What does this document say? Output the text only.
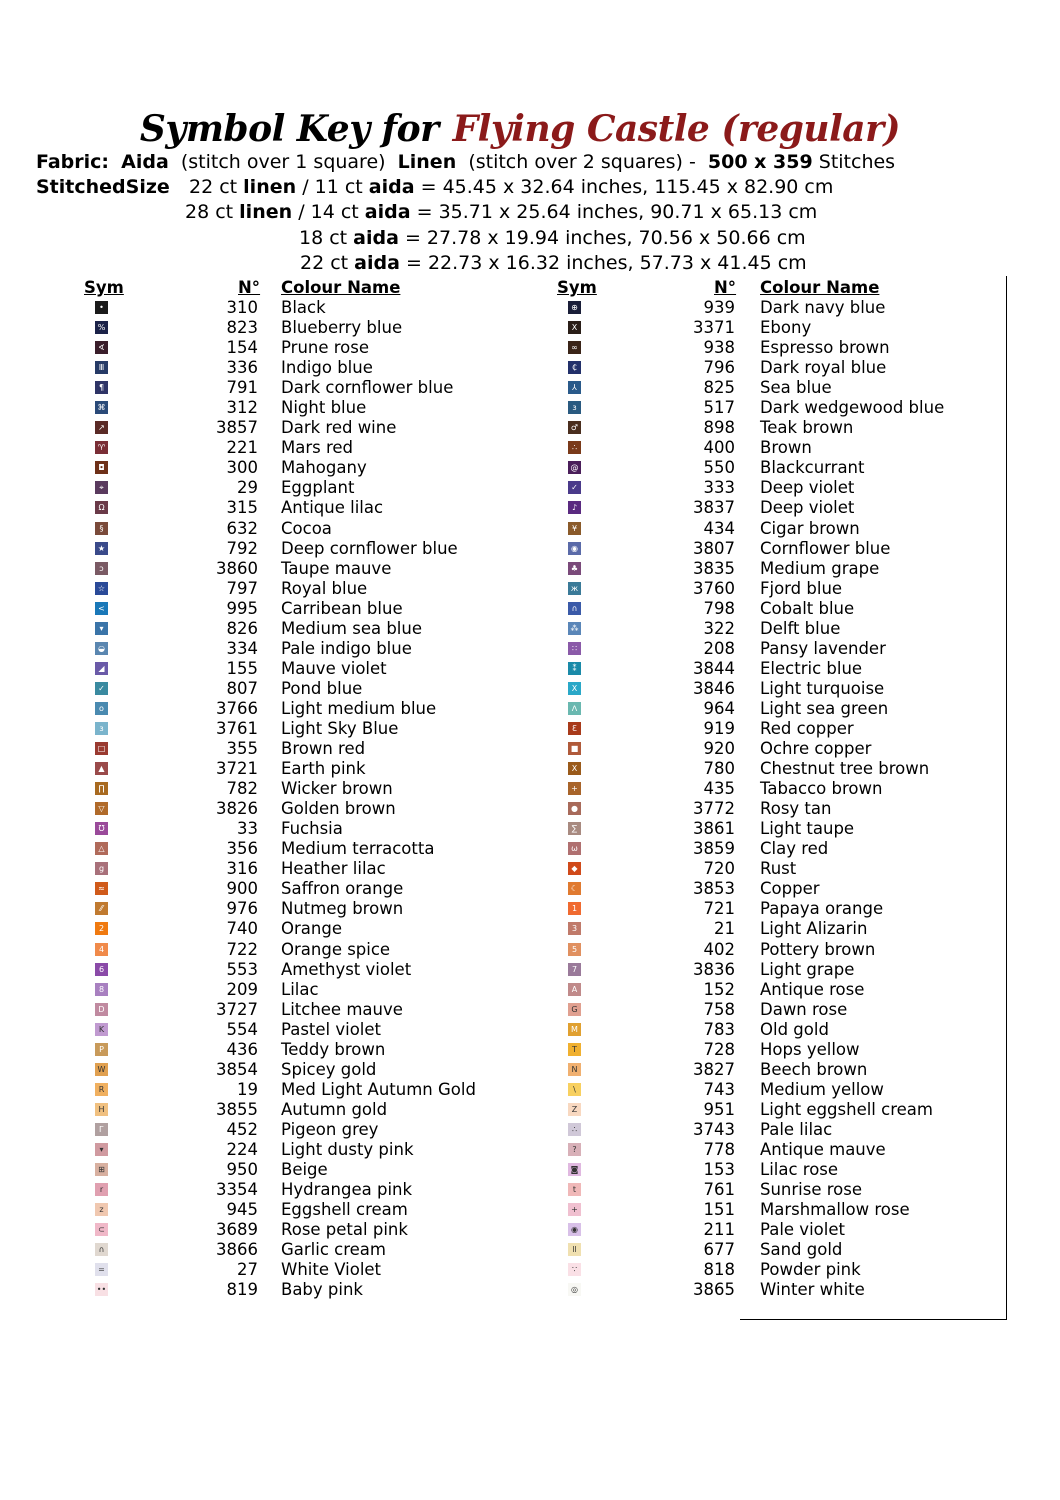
Symbol Key for Flying Castle (regular)
Fabric: Aida (stitch over 1 square) Linen (stitch over 2 squares) - 500 x 359 Stitches
StitchedSize 22 ct linen / 11 ct aida = 45.45 x 32.64 inches, 115.45 x 82.90 cm
28 ct linen / 14 ct aida = 35.71 x 25.64 inches, 90.71 x 65.13 cm
18 ct aida = 27.78 x 19.94 inches, 70.56 x 50.66 cm
22 ct aida = 22.73 x 16.32 inches, 57.73 x 41.45 cm
Sym	N° Colour Name	Sym	N° Colour Name
•	310 Black
%	823 Blueberry blue
∢	154 Prune rose
Ⅲ	336 Indigo blue
¶	791 Dark cornflower blue
⌘	312 Night blue
↗	3857 Dark red wine
♈	221 Mars red
◘	300 Mahogany
⌖	29 Eggplant
Ω	315 Antique lilac
§	632 Cocoa
★	792 Deep cornflower blue
ɔ	3860 Taupe mauve
☆	797 Royal blue
<	995 Carribean blue
▾	826 Medium sea blue
◒	334 Pale indigo blue
◢	155 Mauve violet
✓	807 Pond blue
o	3766 Light medium blue
з	3761 Light Sky Blue
□	355 Brown red
▲	3721 Earth pink
∏	782 Wicker brown
▽	3826 Golden brown
Ʊ	33 Fuchsia
△	356 Medium terracotta
g	316 Heather lilac
≈	900 Saffron orange
⁄⁄	976 Nutmeg brown
2	740 Orange
4	722 Orange spice
6	553 Amethyst violet
8	209 Lilac
D	3727 Litchee mauve
K	554 Pastel violet
P	436 Teddy brown
W	3854 Spicey gold
R	19 Med Light Autumn Gold
H	3855 Autumn gold
Г	452 Pigeon grey
▾	224 Light dusty pink
⊞	950 Beige
r	3354 Hydrangea pink
z	945 Eggshell cream
⊂	3689 Rose petal pink
∩	3866 Garlic cream
=	27 White Violet
••	819 Baby pink
⊕	939 Dark navy blue
X	3371 Ebony
∞	938 Espresso brown
₵	796 Dark royal blue
⅄	825 Sea blue
ɜ	517 Dark wedgewood blue
♂	898 Teak brown
∴	400 Brown
@	550 Blackcurrant
✓	333 Deep violet
♪	3837 Deep violet
¥	434 Cigar brown
◉	3807 Cornflower blue
♣	3835 Medium grape
ж	3760 Fjord blue
∩	798 Cobalt blue
⁂	322 Delft blue
∷	208 Pansy lavender
⁑	3844 Electric blue
X	3846 Light turquoise
ᐱ	964 Light sea green
Ɛ	919 Red copper
■	920 Ochre copper
Ⅹ	780 Chestnut tree brown
+	435 Tabacco brown
●	3772 Rosy tan
∑	3861 Light taupe
ω	3859 Clay red
◆	720 Rust
☾	3853 Copper
1	721 Papaya orange
3	21 Light Alizarin
5	402 Pottery brown
7	3836 Light grape
A	152 Antique rose
G	758 Dawn rose
M	783 Old gold
T	728 Hops yellow
N	3827 Beech brown
\	743 Medium yellow
Z	951 Light eggshell cream
∴	3743 Pale lilac
?	778 Antique mauve
◙	153 Lilac rose
t	761 Sunrise rose
+	151 Marshmallow rose
◉	211 Pale violet
ll	677 Sand gold
∵	818 Powder pink
◎	3865 Winter white
